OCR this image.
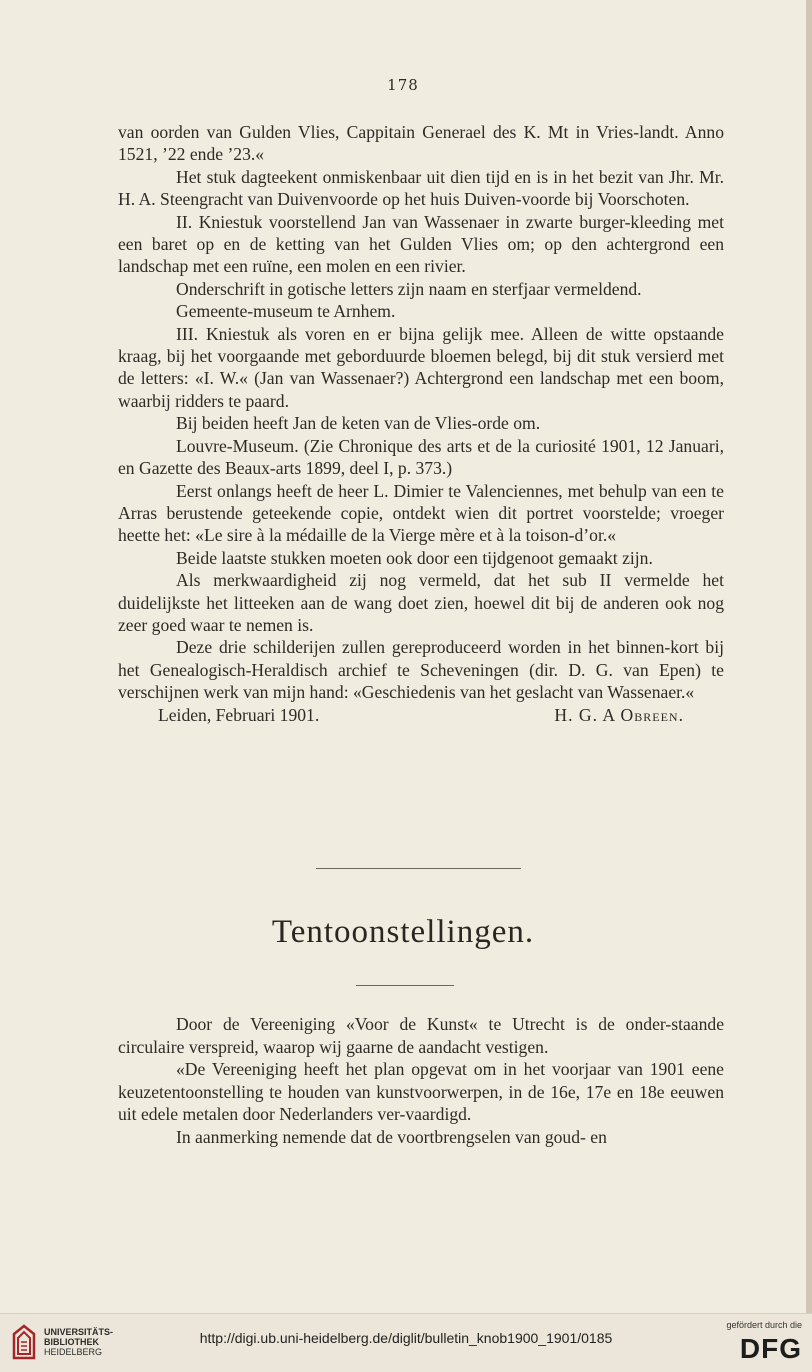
178

van oorden van Gulden Vlies, Cappitain Generael des K. Mt in Vries-landt. Anno 1521, ’22 ende ’23.«

Het stuk dagteekent onmiskenbaar uit dien tijd en is in het bezit van Jhr. Mr. H. A. Steengracht van Duivenvoorde op het huis Duiven-voorde bij Voorschoten.

II. Kniestuk voorstellend Jan van Wassenaer in zwarte burger-kleeding met een baret op en de ketting van het Gulden Vlies om; op den achtergrond een landschap met een ruïne, een molen en een rivier.

Onderschrift in gotische letters zijn naam en sterfjaar vermeldend.

Gemeente-museum te Arnhem.

III. Kniestuk als voren en er bijna gelijk mee. Alleen de witte opstaande kraag, bij het voorgaande met geborduurde bloemen belegd, bij dit stuk versierd met de letters: «I. W.« (Jan van Wassenaer?) Achtergrond een landschap met een boom, waarbij ridders te paard.

Bij beiden heeft Jan de keten van de Vlies-orde om.

Louvre-Museum. (Zie Chronique des arts et de la curiosité 1901, 12 Januari, en Gazette des Beaux-arts 1899, deel I, p. 373.)

Eerst onlangs heeft de heer L. Dimier te Valenciennes, met behulp van een te Arras berustende geteekende copie, ontdekt wien dit portret voorstelde; vroeger heette het: «Le sire à la médaille de la Vierge mère et à la toison-d’or.«

Beide laatste stukken moeten ook door een tijdgenoot gemaakt zijn.

Als merkwaardigheid zij nog vermeld, dat het sub II vermelde het duidelijkste het litteeken aan de wang doet zien, hoewel dit bij de anderen ook nog zeer goed waar te nemen is.

Deze drie schilderijen zullen gereproduceerd worden in het binnen-kort bij het Genealogisch-Heraldisch archief te Scheveningen (dir. D. G. van Epen) te verschijnen werk van mijn hand: «Geschiedenis van het geslacht van Wassenaer.«

Leiden, Februari 1901.	H. G. A Obreen.
Tentoonstellingen.

Door de Vereeniging «Voor de Kunst« te Utrecht is de onder-staande circulaire verspreid, waarop wij gaarne de aandacht vestigen.

«De Vereeniging heeft het plan opgevat om in het voorjaar van 1901 eene keuzetentoonstelling te houden van kunstvoorwerpen, in de 16e, 17e en 18e eeuwen uit edele metalen door Nederlanders ver-vaardigd.

In aanmerking nemende dat de voortbrengselen van goud- en

UNIVERSITÄTS-
BIBLIOTHEK
HEIDELBERG
http://digi.ub.uni-heidelberg.de/diglit/bulletin_knob1900_1901/0185
gefördert durch die
DFG
